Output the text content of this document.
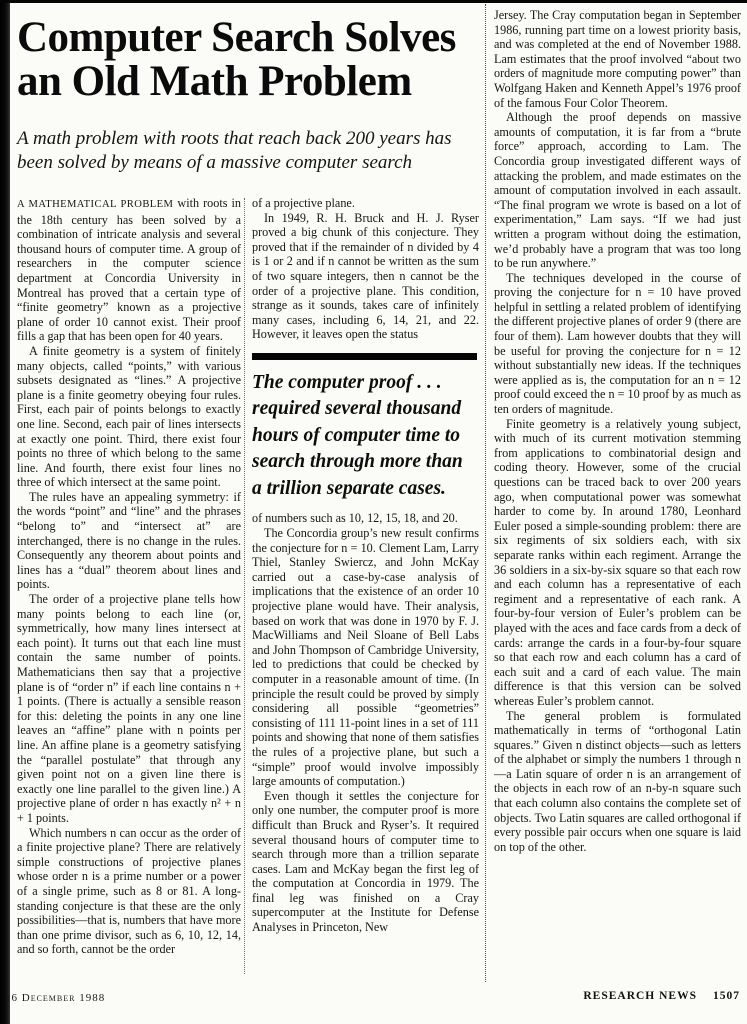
Computer Search Solves
an Old Math Problem
A math problem with roots that reach back 200 years has been solved by means of a massive computer search

A MATHEMATICAL PROBLEM with roots in the 18th century has been solved by a combination of intricate analysis and several thousand hours of computer time. A group of researchers in the computer science department at Concordia University in Montreal has proved that a certain type of “finite geometry” known as a projective plane of order 10 cannot exist. Their proof fills a gap that has been open for 40 years.

A finite geometry is a system of finitely many objects, called “points,” with various subsets designated as “lines.” A projective plane is a finite geometry obeying four rules. First, each pair of points belongs to exactly one line. Second, each pair of lines intersects at exactly one point. Third, there exist four points no three of which belong to the same line. And fourth, there exist four lines no three of which intersect at the same point.

The rules have an appealing symmetry: if the words “point” and “line” and the phrases “belong to” and “intersect at” are interchanged, there is no change in the rules. Consequently any theorem about points and lines has a “dual” theorem about lines and points.

The order of a projective plane tells how many points belong to each line (or, symmetrically, how many lines intersect at each point). It turns out that each line must contain the same number of points. Mathematicians then say that a projective plane is of “order n” if each line contains n + 1 points. (There is actually a sensible reason for this: deleting the points in any one line leaves an “affine” plane with n points per line. An affine plane is a geometry satisfying the “parallel postulate” that through any given point not on a given line there is exactly one line parallel to the given line.) A projective plane of order n has exactly n² + n + 1 points.

Which numbers n can occur as the order of a finite projective plane? There are relatively simple constructions of projective planes whose order n is a prime number or a power of a single prime, such as 8 or 81. A long-standing conjecture is that these are the only possibilities—that is, numbers that have more than one prime divisor, such as 6, 10, 12, 14, and so forth, cannot be the order

of a projective plane.

In 1949, R. H. Bruck and H. J. Ryser proved a big chunk of this conjecture. They proved that if the remainder of n divided by 4 is 1 or 2 and if n cannot be written as the sum of two square integers, then n cannot be the order of a projective plane. This condition, strange as it sounds, takes care of infinitely many cases, including 6, 14, 21, and 22. However, it leaves open the status

The computer proof . . . required several thousand hours of computer time to search through more than a trillion separate cases.

of numbers such as 10, 12, 15, 18, and 20.

The Concordia group’s new result confirms the conjecture for n = 10. Clement Lam, Larry Thiel, Stanley Swiercz, and John McKay carried out a case-by-case analysis of implications that the existence of an order 10 projective plane would have. Their analysis, based on work that was done in 1970 by F. J. MacWilliams and Neil Sloane of Bell Labs and John Thompson of Cambridge University, led to predictions that could be checked by computer in a reasonable amount of time. (In principle the result could be proved by simply considering all possible “geometries” consisting of 111 11-point lines in a set of 111 points and showing that none of them satisfies the rules of a projective plane, but such a “simple” proof would involve impossibly large amounts of computation.)

Even though it settles the conjecture for only one number, the computer proof is more difficult than Bruck and Ryser’s. It required several thousand hours of computer time to search through more than a trillion separate cases. Lam and McKay began the first leg of the computation at Concordia in 1979. The final leg was finished on a Cray supercomputer at the Institute for Defense Analyses in Princeton, New

Jersey. The Cray computation began in September 1986, running part time on a lowest priority basis, and was completed at the end of November 1988. Lam estimates that the proof involved “about two orders of magnitude more computing power” than Wolfgang Haken and Kenneth Appel’s 1976 proof of the famous Four Color Theorem.

Although the proof depends on massive amounts of computation, it is far from a “brute force” approach, according to Lam. The Concordia group investigated different ways of attacking the problem, and made estimates on the amount of computation involved in each assault. “The final program we wrote is based on a lot of experimentation,” Lam says. “If we had just written a program without doing the estimation, we’d probably have a program that was too long to be run anywhere.”

The techniques developed in the course of proving the conjecture for n = 10 have proved helpful in settling a related problem of identifying the different projective planes of order 9 (there are four of them). Lam however doubts that they will be useful for proving the conjecture for n = 12 without substantially new ideas. If the techniques were applied as is, the computation for an n = 12 proof could exceed the n = 10 proof by as much as ten orders of magnitude.

Finite geometry is a relatively young subject, with much of its current motivation stemming from applications to combinatorial design and coding theory. However, some of the crucial questions can be traced back to over 200 years ago, when computational power was somewhat harder to come by. In around 1780, Leonhard Euler posed a simple-sounding problem: there are six regiments of six soldiers each, with six separate ranks within each regiment. Arrange the 36 soldiers in a six-by-six square so that each row and each column has a representative of each regiment and a representative of each rank. A four-by-four version of Euler’s problem can be played with the aces and face cards from a deck of cards: arrange the cards in a four-by-four square so that each row and each column has a card of each suit and a card of each value. The main difference is that this version can be solved whereas Euler’s problem cannot.

The general problem is formulated mathematically in terms of “orthogonal Latin squares.” Given n distinct objects—such as letters of the alphabet or simply the numbers 1 through n—a Latin square of order n is an arrangement of the objects in each row of an n-by-n square such that each column also contains the complete set of objects. Two Latin squares are called orthogonal if every possible pair occurs when one square is laid on top of the other.

16 December 1988	RESEARCH NEWS 1507
